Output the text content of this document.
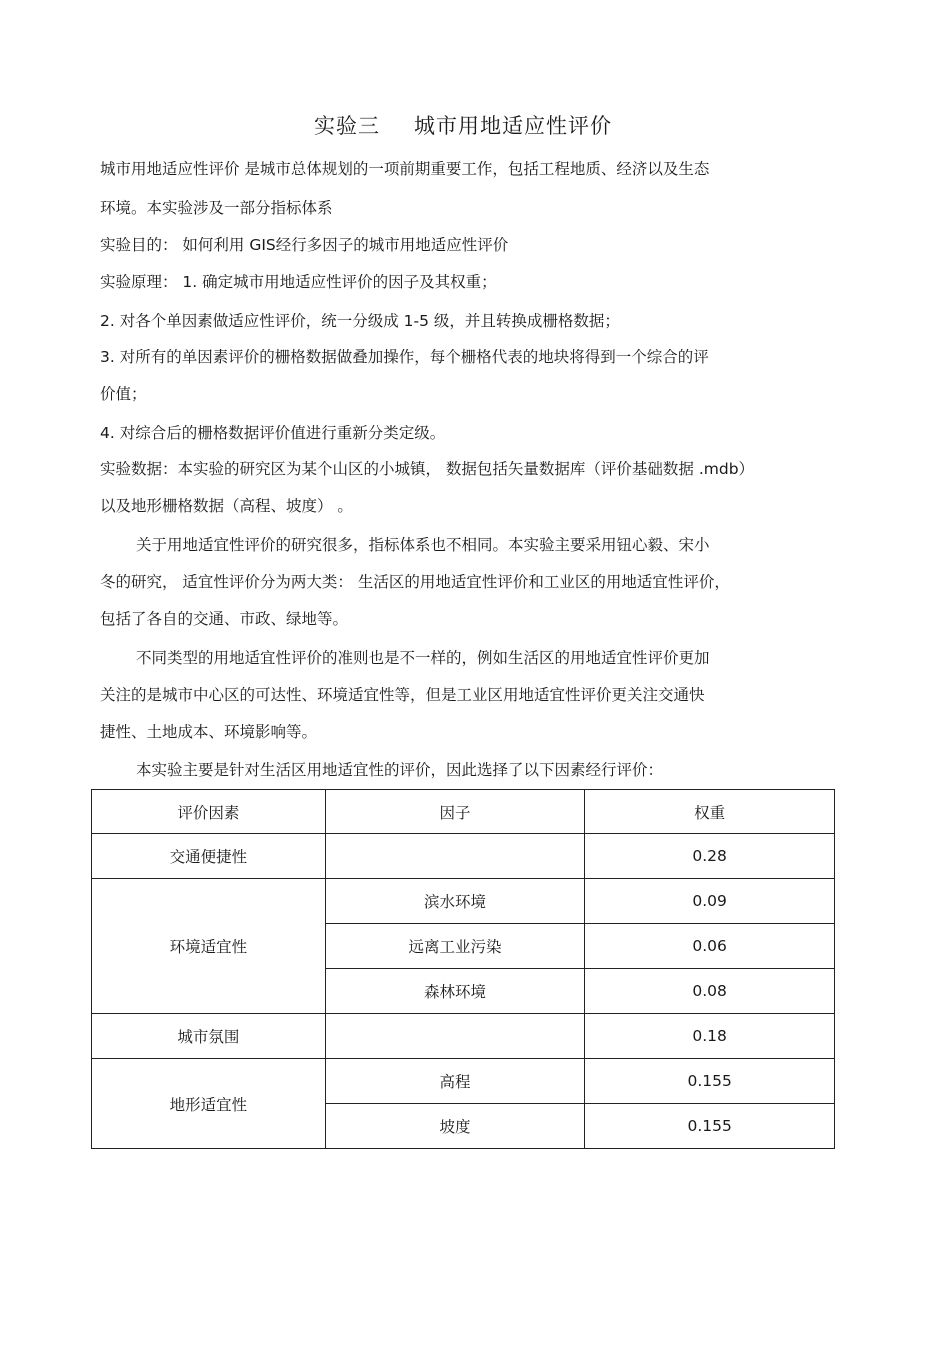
实验三 城市用地适应性评价
城市用地适应性评价 是城市总体规划的一项前期重要工作，包括工程地质、经济以及生态
环境。本实验涉及一部分指标体系
实验目的： 如何利用 GIS经行多因子的城市用地适应性评价
实验原理： 1. 确定城市用地适应性评价的因子及其权重；
2. 对各个单因素做适应性评价，统一分级成 1-5 级，并且转换成栅格数据；
3. 对所有的单因素评价的栅格数据做叠加操作，每个栅格代表的地块将得到一个综合的评
价值；
4. 对综合后的栅格数据评价值进行重新分类定级。
实验数据：本实验的研究区为某个山区的小城镇， 数据包括矢量数据库（评价基础数据 .mdb）
以及地形栅格数据（高程、坡度） 。
关于用地适宜性评价的研究很多，指标体系也不相同。本实验主要采用钮心毅、宋小
冬的研究， 适宜性评价分为两大类： 生活区的用地适宜性评价和工业区的用地适宜性评价，
包括了各自的交通、市政、绿地等。
不同类型的用地适宜性评价的准则也是不一样的，例如生活区的用地适宜性评价更加
关注的是城市中心区的可达性、环境适宜性等，但是工业区用地适宜性评价更关注交通快
捷性、土地成本、环境影响等。
本实验主要是针对生活区用地适宜性的评价，因此选择了以下因素经行评价：
评价因素	因子	权重
交通便捷性		0.28
环境适宜性	滨水环境	0.09
	远离工业污染	0.06
	森林环境	0.08
城市氛围		0.18
地形适宜性	高程	0.155
	坡度	0.155
